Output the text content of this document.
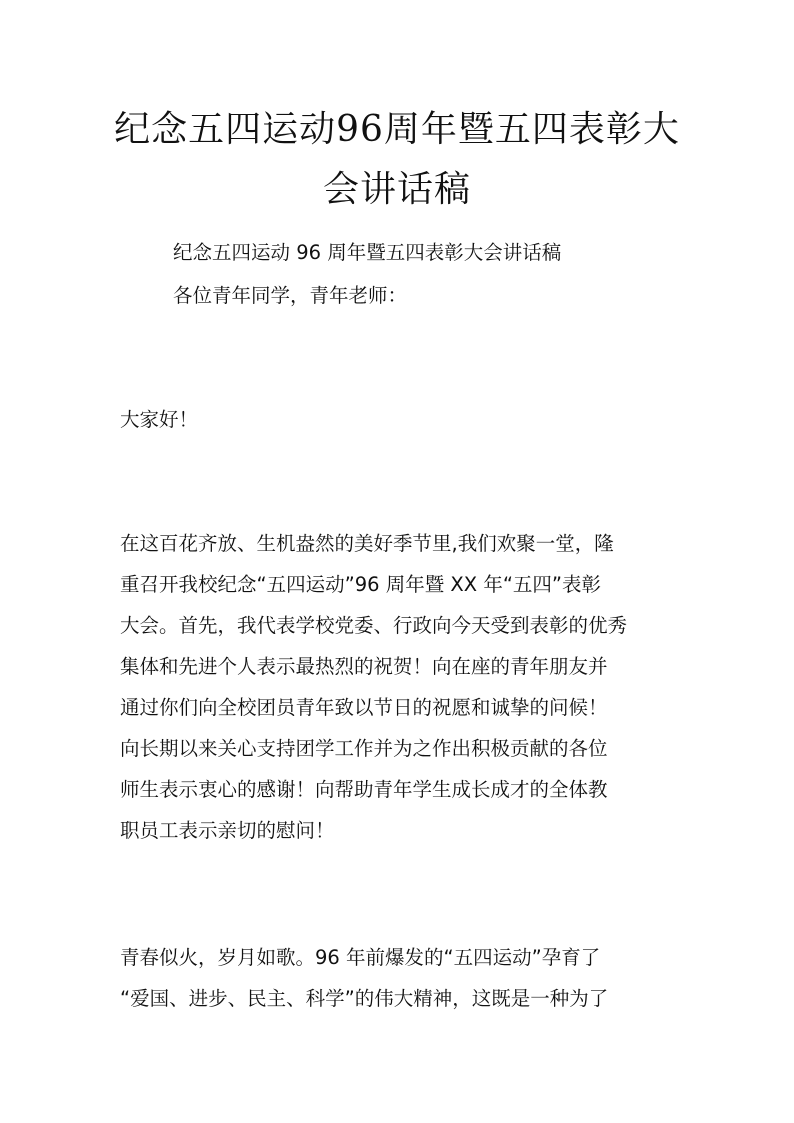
纪念五四运动96周年暨五四表彰大
会讲话稿
纪念五四运动 96 周年暨五四表彰大会讲话稿
各位青年同学，青年老师：
大家好！
在这百花齐放、生机盎然的美好季节里,我们欢聚一堂，隆
重召开我校纪念“五四运动”96 周年暨 XX 年“五四”表彰
大会。首先，我代表学校党委、行政向今天受到表彰的优秀
集体和先进个人表示最热烈的祝贺！向在座的青年朋友并
通过你们向全校团员青年致以节日的祝愿和诚挚的问候！
向长期以来关心支持团学工作并为之作出积极贡献的各位
师生表示衷心的感谢！向帮助青年学生成长成才的全体教
职员工表示亲切的慰问！
青春似火，岁月如歌。96 年前爆发的“五四运动”孕育了
“爱国、进步、民主、科学”的伟大精神，这既是一种为了
